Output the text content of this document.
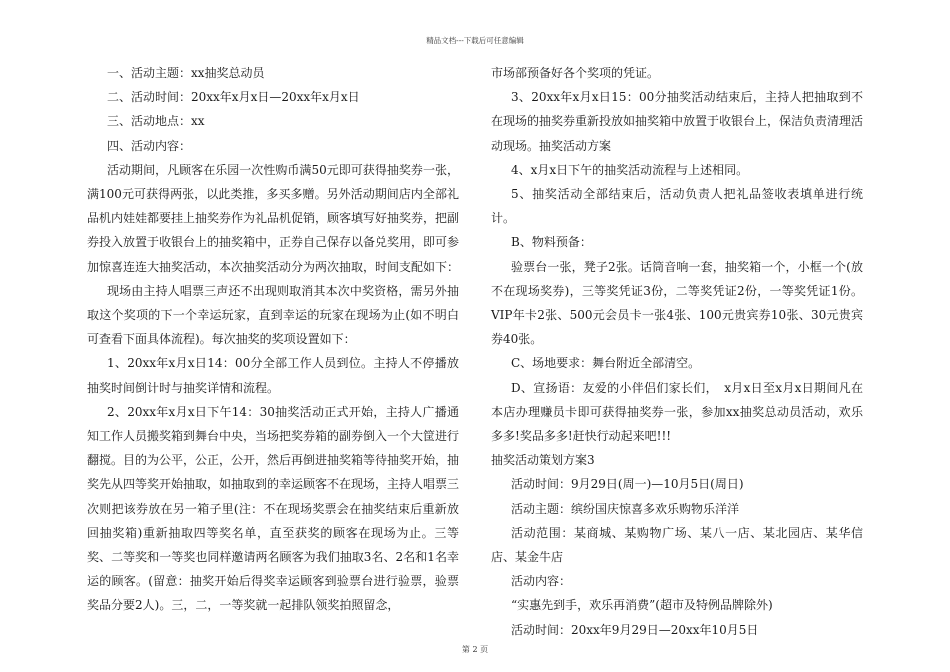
精品文档---下载后可任意编辑

一、活动主题：xx抽奖总动员

二、活动时间：20xx年x月x日—20xx年x月x日

三、活动地点：xx

四、活动内容：

活动期间，凡顾客在乐园一次性购币满50元即可获得抽奖券一张，满100元可获得两张，以此类推，多买多赠。另外活动期间店内全部礼品机内娃娃都要挂上抽奖券作为礼品机促销，顾客填写好抽奖券，把副券投入放置于收银台上的抽奖箱中，正券自己保存以备兑奖用，即可参加惊喜连连大抽奖活动，本次抽奖活动分为两次抽取，时间支配如下：

现场由主持人唱票三声还不出现则取消其本次中奖资格，需另外抽取这个奖项的下一个幸运玩家，直到幸运的玩家在现场为止(如不明白可查看下面具体流程)。每次抽奖的奖项设置如下：

1、20xx年x月x日14：00分全部工作人员到位。主持人不停播放抽奖时间倒计时与抽奖详情和流程。

2、20xx年x月x日下午14：30抽奖活动正式开始，主持人广播通知工作人员搬奖箱到舞台中央，当场把奖券箱的副券倒入一个大筐进行翻搅。目的为公平，公正，公开，然后再倒进抽奖箱等待抽奖开始，抽奖先从四等奖开始抽取，如抽取到的幸运顾客不在现场，主持人唱票三次则把该券放在另一箱子里(注：不在现场奖票会在抽奖结束后重新放回抽奖箱)重新抽取四等奖名单，直至获奖的顾客在现场为止。三等奖、二等奖和一等奖也同样邀请两名顾客为我们抽取3名、2名和1名幸运的顾客。(留意：抽奖开始后得奖幸运顾客到验票台进行验票，验票奖品分要2人)。三，二，一等奖就一起排队领奖拍照留念，

市场部预备好各个奖项的凭证。

3、20xx年x月x日15：00分抽奖活动结束后，主持人把抽取到不在现场的抽奖券重新投放如抽奖箱中放置于收银台上，保洁负责清理活动现场。抽奖活动方案

4、x月x日下午的抽奖活动流程与上述相同。

5、抽奖活动全部结束后，活动负责人把礼品签收表填单进行统计。

B、物料预备：

验票台一张，凳子2张。话筒音响一套，抽奖箱一个，小框一个(放不在现场奖券)，三等奖凭证3份，二等奖凭证2份，一等奖凭证1份。VIP年卡2张、500元会员卡一张4张、100元贵宾券10张、30元贵宾券40张。

C、场地要求：舞台附近全部清空。

D、宣扬语：友爱的小伴侣们家长们，　x月x日至x月x日期间凡在本店办理赚员卡即可获得抽奖券一张，参加xx抽奖总动员活动，欢乐多多!奖品多多!赶快行动起来吧!!!

抽奖活动策划方案3

活动时间：9月29日(周一)—10月5日(周日)

活动主题：缤纷国庆惊喜多欢乐购物乐洋洋

活动范围：某商城、某购物广场、某八一店、某北园店、某华信店、某金牛店

活动内容：

“实惠先到手，欢乐再消费”(超市及特例品牌除外)

活动时间：20xx年9月29日—20xx年10月5日

第 2 页
